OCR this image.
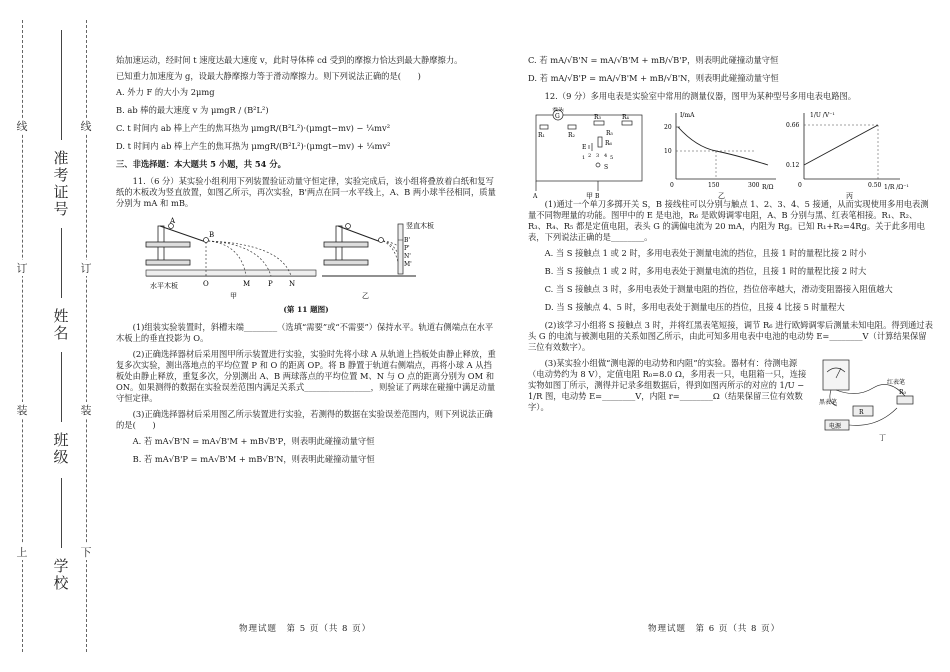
线
订
装
上
线
订
装
下
准考证号
姓名
班级
学校

始加速运动，经时间 t 速度达最大速度 v，此时导体棒 cd 受到的摩擦力恰达到最大静摩擦力。

已知重力加速度为 g，设最大静摩擦力等于滑动摩擦力。则下列说法正确的是(　　)

A. 外力 F 的大小为 2μmg

B. ab 棒的最大速度 v 为 μmgR / (B²L²)

C. t 时间内 ab 棒上产生的焦耳热为 μmgR/(B²L²)·(μmgt−mv) − ¼mv²

D. t 时间内 ab 棒上产生的焦耳热为 μmgR/(B²L²)·(μmgt−mv) + ¼mv²

三、非选择题：本大题共 5 小题，共 54 分。

11.（6 分）某实验小组利用下列装置验证动量守恒定律，实验完成后，该小组将叠放着白纸和复写纸的木板改为竖直放置，如图乙所示，再次实验，B'两点在同一水平线上，A、B 两小球半径相同，质量分别为 mA 和 mB。

A
B
水平木板	O	M	P N
甲
竖直木板
B'
P'
N'
M'
乙
(第 11 题图)

(1)组装实验装置时，斜槽末端________（选填“需要”或“不需要”）保持水平。轨道右侧端点在水平木板上的垂直投影为 O。

(2)正确选择器材后采用图甲所示装置进行实验，实验时先将小球 A 从轨道上挡板处由静止释放，重复多次实验，测出落地点的平均位置 P 和 O 的距离 OP。将 B 静置于轨道右侧端点，再将小球 A 从挡板处由静止释放，重复多次，分别测出 A、B 两球落点的平均位置 M、N 与 O 点的距离分别为 OM 和 ON。如果测得的数据在实验误差范围内满足关系式________________，则验证了两球在碰撞中满足动量守恒定律。

(3)正确选择器材后采用图乙所示装置进行实验，若测得的数据在实验误差范围内，则下列说法正确的是(　　)

A. 若 mA√B'N = mA√B'M + mB√B'P，则表明此碰撞动量守恒

B. 若 mA√B'P = mA√B'M + mB√B'N，则表明此碰撞动量守恒

物理试题　第 5 页（共 8 页）

C. 若 mA/√B'N = mA/√B'M + mB/√B'P，则表明此碰撞动量守恒

D. 若 mA/√B'P = mA/√B'M + mB/√B'N，则表明此碰撞动量守恒

12.（9 分）多用电表是实验室中常用的测量仪器，图甲为某种型号多用电表电路图。

表头
G
R₁	R₂
R₃	R₄
R₅
E
R₆
S
A	B
1 2 3 4 5
甲
I/mA
R/Ω
20
10
0	150	300
乙
1/U /V⁻¹
1/R /Ω⁻¹
0.66
0.12
0	0.50
丙

(1)通过一个单刀多掷开关 S，B 接线柱可以分别与触点 1、2、3、4、5 接通，从而实现使用多用电表测量不同物理量的功能。图甲中的 E 是电池，R₆ 是欧姆调零电阻，A、B 分别与黑、红表笔相接。R₁、R₂、R₃、R₄、R₅ 都是定值电阻，表头 G 的满偏电流为 20 mA，内阻为 Rg。已知 R₁+R₂=4Rg。关于此多用电表，下列说法正确的是________。

A. 当 S 接触点 1 或 2 时，多用电表处于测量电流的挡位，且接 1 时的量程比接 2 时小

B. 当 S 接触点 1 或 2 时，多用电表处于测量电流的挡位，且接 1 时的量程比接 2 时大

C. 当 S 接触点 3 时，多用电表处于测量电阻的挡位，挡位倍率越大，滑动变阻器接入阻值越大

D. 当 S 接触点 4、5 时，多用电表处于测量电压的挡位，且接 4 比接 5 时量程大

(2)该学习小组将 S 接触点 3 时，并将红黑表笔短接，调节 R₆ 进行欧姆调零后测量未知电阻。得到通过表头 G 的电流与被测电阻的关系如图乙所示，由此可知多用电表中电池的电动势 E=________V（计算结果保留三位有效数字）。

(3)某实验小组做“测电源的电动势和内阻”的实验。器材有：待测电源（电动势约为 8 V），定值电阻 R₀=8.0 Ω，多用表一只，电阻箱一只，连接实物如图丁所示，测得并记录多组数据后，得到如图丙所示的对应的 1/U − 1/R 图，电动势 E=________V，内阻 r=________Ω（结果保留三位有效数字）。

红表笔
黑表笔
R₀
R
电源
丁
物理试题　第 6 页（共 8 页）
